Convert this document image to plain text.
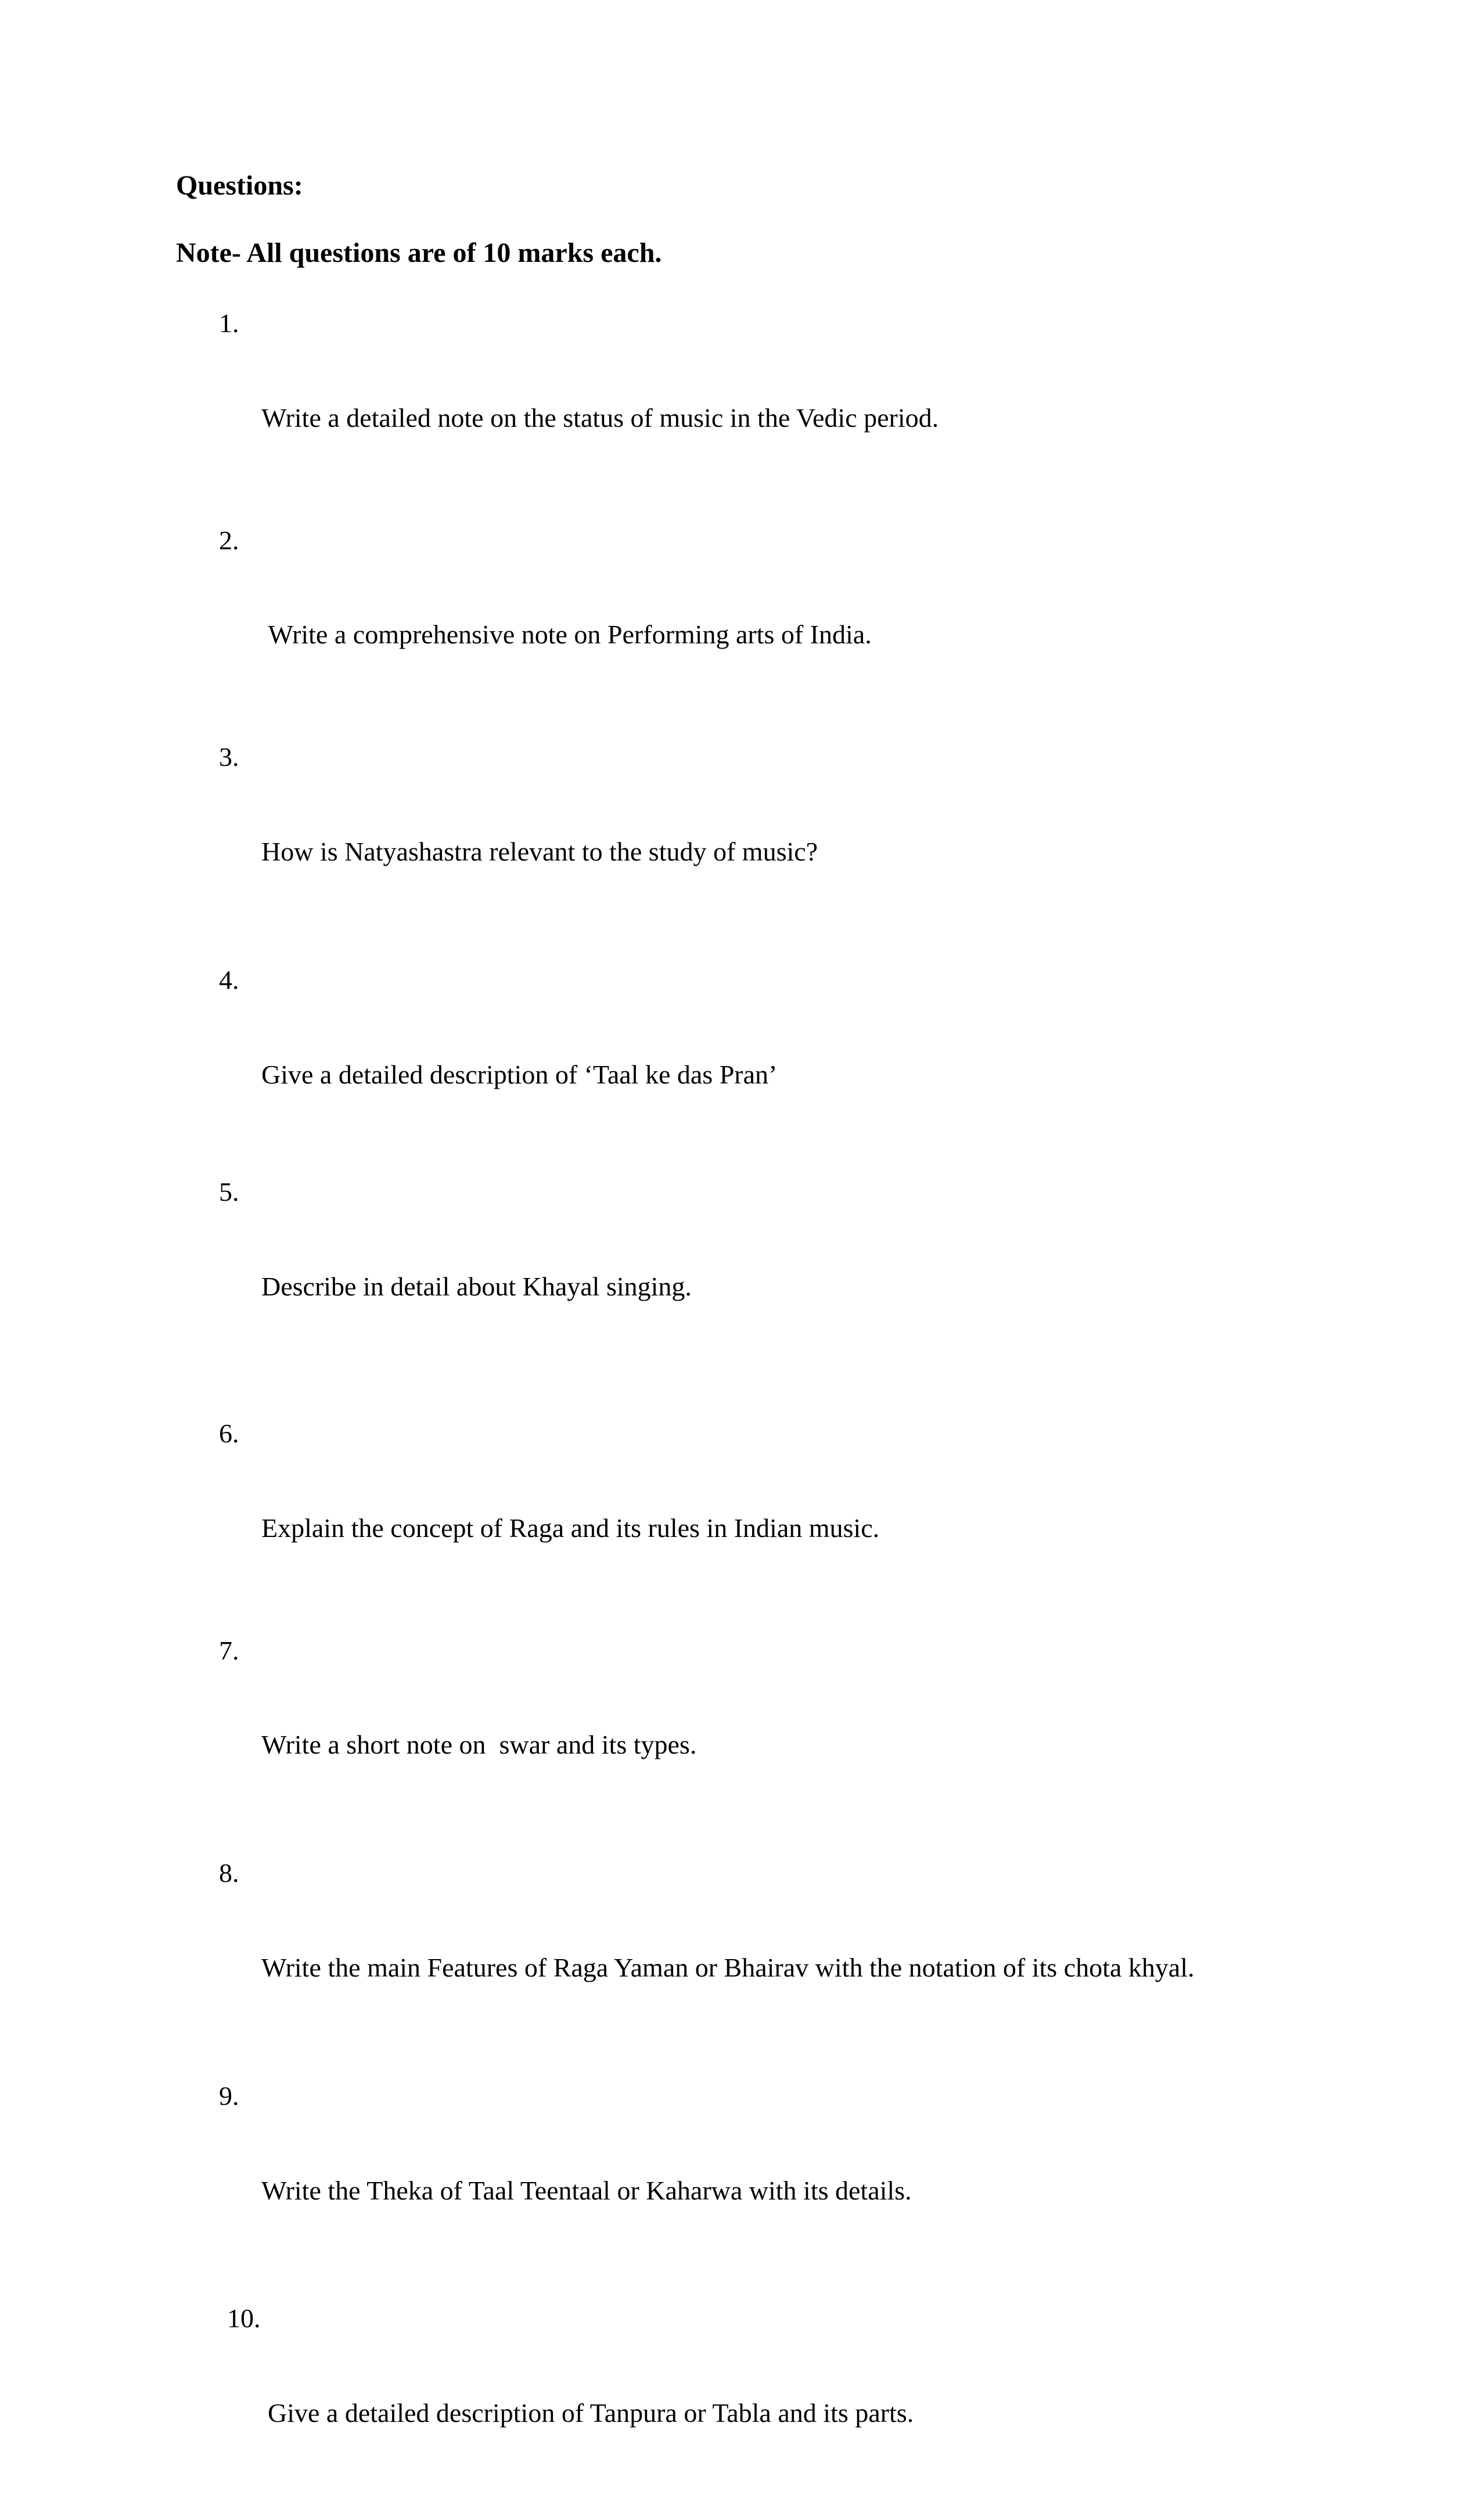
Questions:

Note- All questions are of 10 marks each.

1.

Write a detailed note on the status of music in the Vedic period.

2.

Write a comprehensive note on Performing arts of India.

3.

How is Natyashastra relevant to the study of music?

4.

Give a detailed description of ‘Taal ke das Pran’

5.

Describe in detail about Khayal singing.

6.

Explain the concept of Raga and its rules in Indian music.

7.

Write a short note on  swar and its types.

8.

Write the main Features of Raga Yaman or Bhairav with the notation of its chota khyal.

9.

Write the Theka of Taal Teentaal or Kaharwa with its details.

10.

Give a detailed description of Tanpura or Tabla and its parts.
